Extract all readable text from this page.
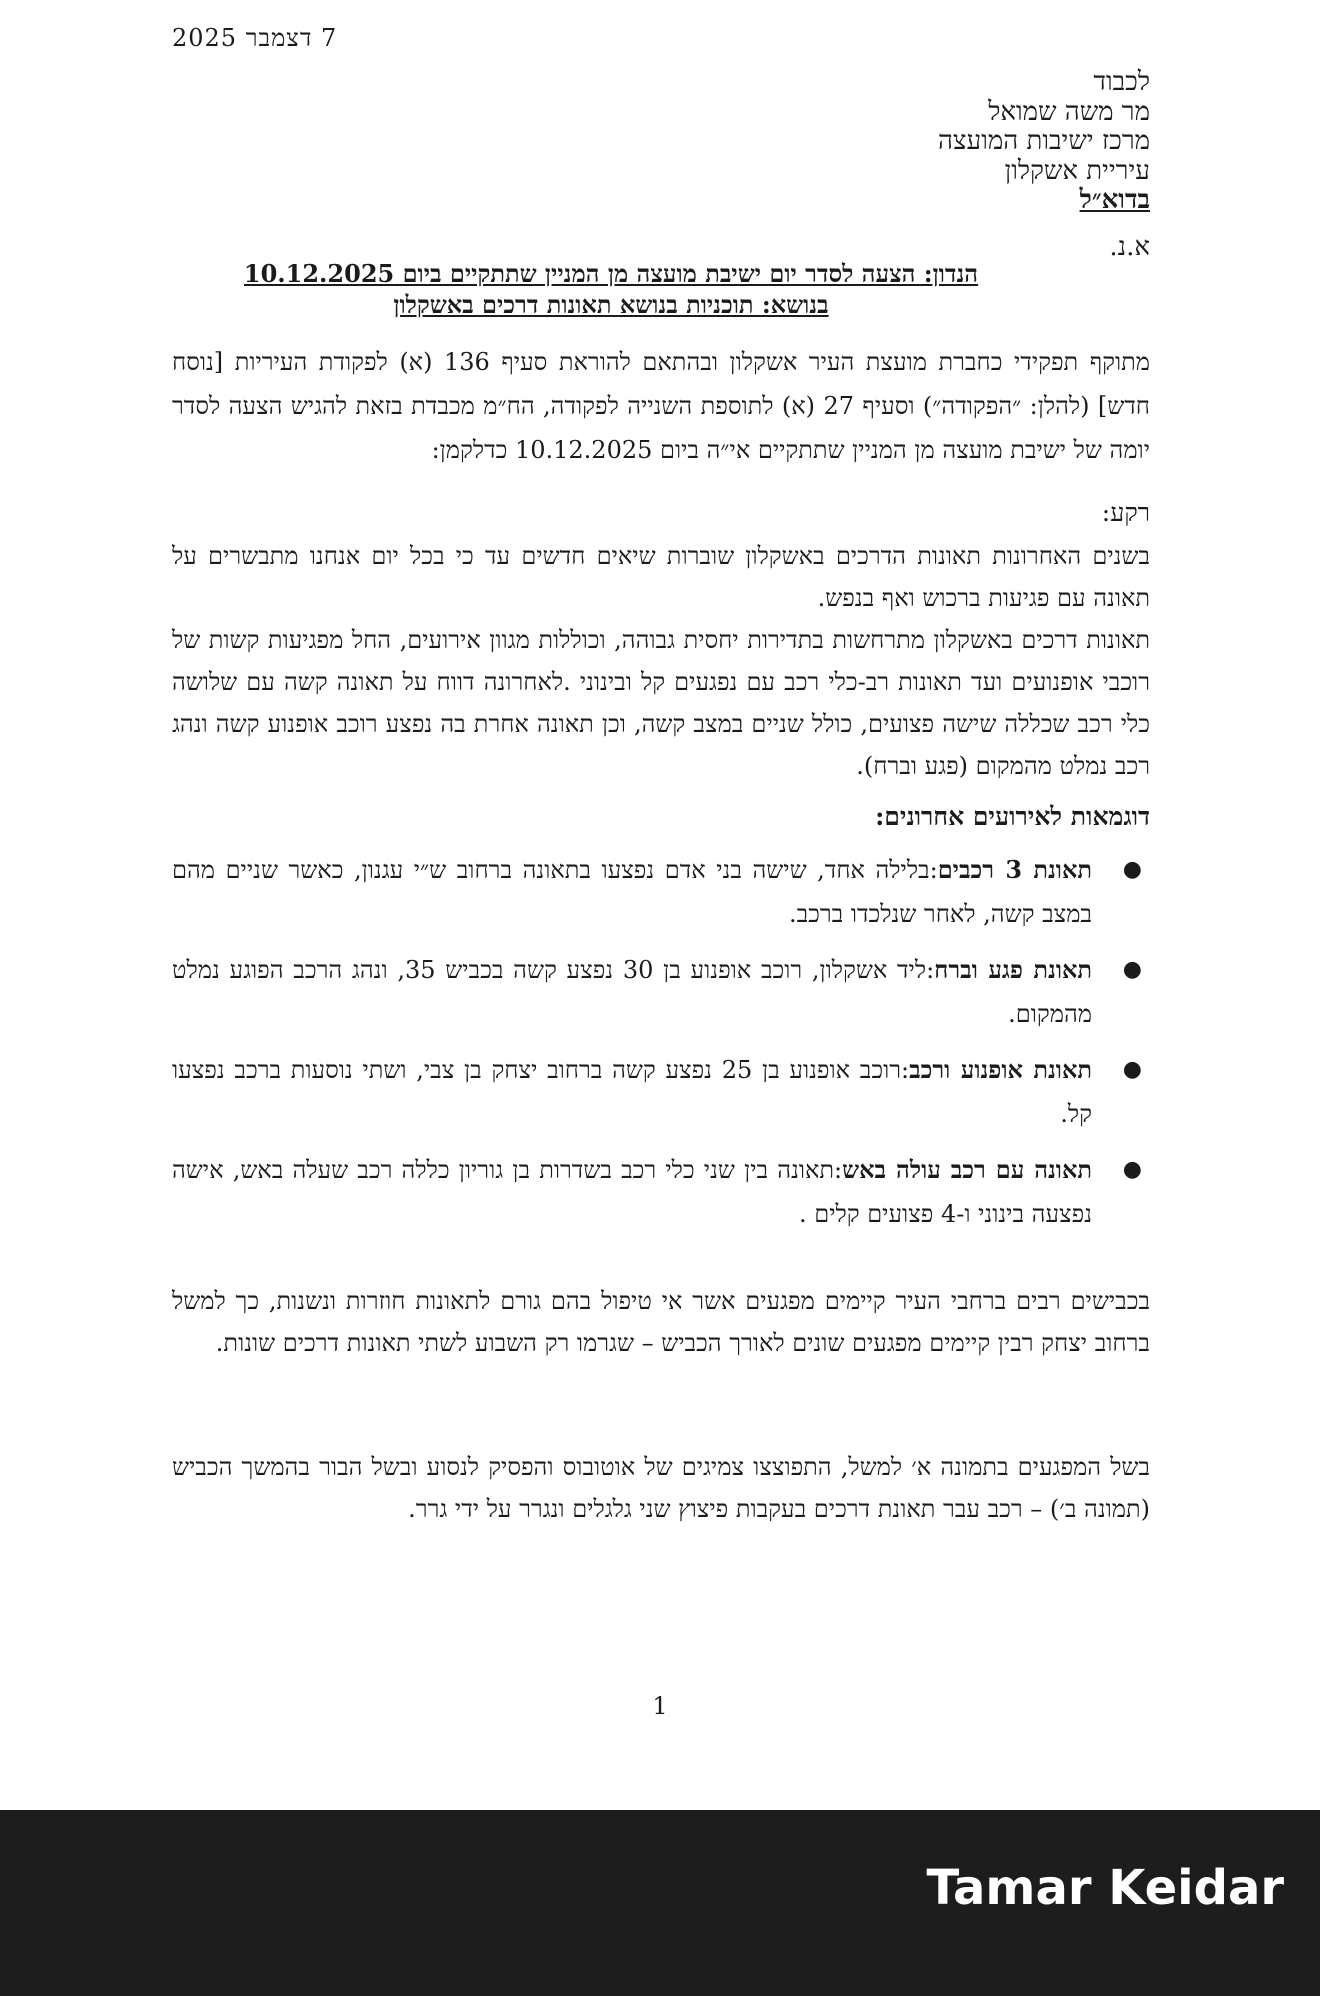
7 דצמבר 2025
לכבוד
מר משה שמואל
מרכז ישיבות המועצה
עיריית אשקלון
בדוא״ל
א.נ.
הנדון: הצעה לסדר יום ישיבת מועצה מן המניין שתתקיים ביום 10.12.2025
בנושא: תוכניות בנושא תאונות דרכים באשקלון
מתוקף תפקידי כחברת מועצת העיר אשקלון ובהתאם להוראת סעיף 136 (א) לפקודת העיריות [נוסח חדש] (להלן: ״הפקודה״) וסעיף 27 (א) לתוספת השנייה לפקודה, הח״מ מכבדת בזאת להגיש הצעה לסדר יומה של ישיבת מועצה מן המניין שתתקיים אי״ה ביום 10.12.2025 כדלקמן:
רקע:
בשנים האחרונות תאונות הדרכים באשקלון שוברות שיאים חדשים עד כי בכל יום אנחנו מתבשרים על תאונה עם פגיעות ברכוש ואף בנפש.
תאונות דרכים באשקלון מתרחשות בתדירות יחסית גבוהה, וכוללות מגוון אירועים, החל מפגיעות קשות של רוכבי אופנועים ועד תאונות רב-כלי רכב עם נפגעים קל ובינוני .לאחרונה דווח על תאונה קשה עם שלושה כלי רכב שכללה שישה פצועים, כולל שניים במצב קשה, וכן תאונה אחרת בה נפצע רוכב אופנוע קשה ונהג רכב נמלט מהמקום (פגע וברח).
דוגמאות לאירועים אחרונים:
●
תאונת 3 רכבים:בלילה אחד, שישה בני אדם נפצעו בתאונה ברחוב ש״י עגנון, כאשר שניים מהם במצב קשה, לאחר שנלכדו ברכב.
●
תאונת פגע וברח:ליד אשקלון, רוכב אופנוע בן 30 נפצע קשה בכביש 35, ונהג הרכב הפוגע נמלט מהמקום.
●
תאונת אופנוע ורכב:רוכב אופנוע בן 25 נפצע קשה ברחוב יצחק בן צבי, ושתי נוסעות ברכב נפצעו קל.
●
תאונה עם רכב עולה באש:תאונה בין שני כלי רכב בשדרות בן גוריון כללה רכב שעלה באש, אישה נפצעה בינוני ו-4 פצועים קלים .
בכבישים רבים ברחבי העיר קיימים מפגעים אשר אי טיפול בהם גורם לתאונות חוזרות ונשנות, כך למשל ברחוב יצחק רבין קיימים מפגעים שונים לאורך הכביש – שגרמו רק השבוע לשתי תאונות דרכים שונות.
בשל המפגעים בתמונה א׳ למשל, התפוצצו צמיגים של אוטובוס והפסיק לנסוע ובשל הבור בהמשך הכביש (תמונה ב׳) – רכב עבר תאונת דרכים בעקבות פיצוץ שני גלגלים ונגרר על ידי גרר.
1
Tamar Keidar
